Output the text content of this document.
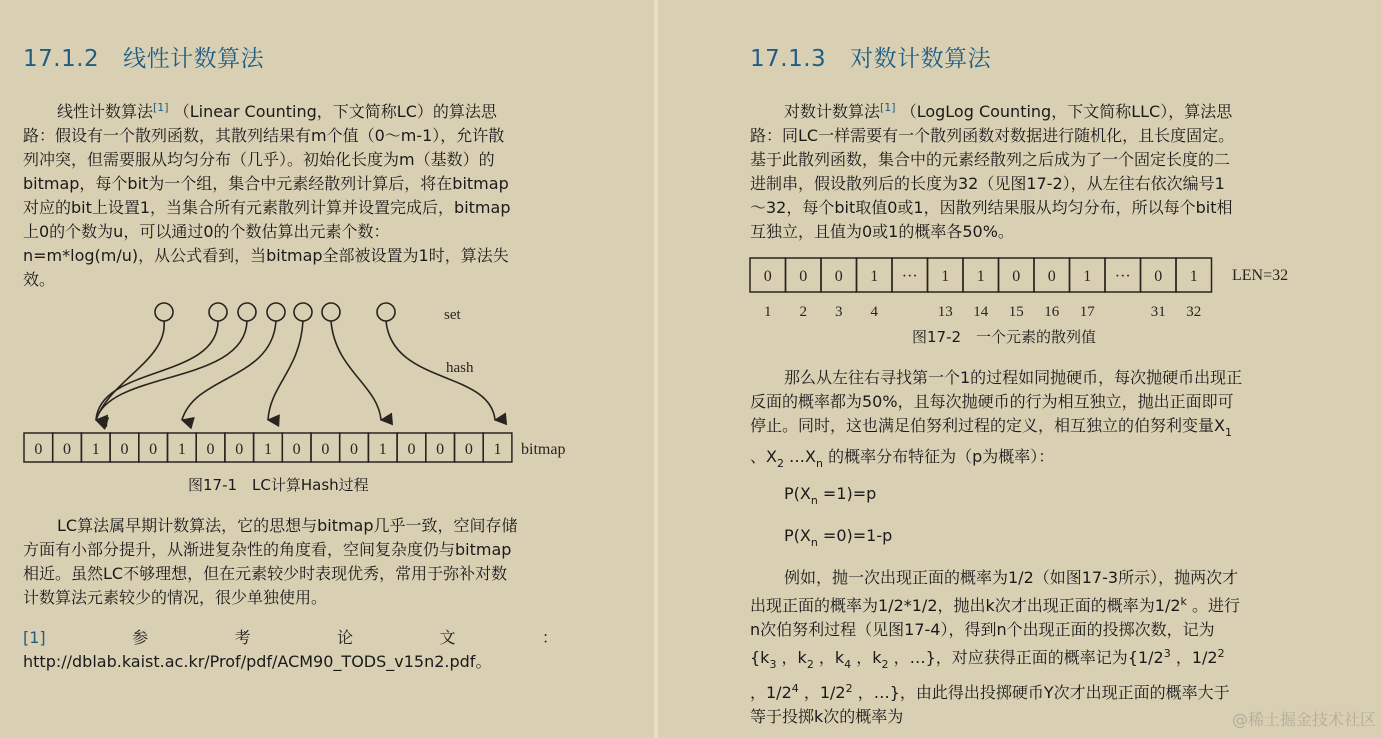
17.1.2 线性计数算法
线性计数算法[1] （Linear Counting，下文简称LC）的算法思
路：假设有一个散列函数，其散列结果有m个值（0～m-1），允许散
列冲突，但需要服从均匀分布（几乎）。初始化长度为m（基数）的
bitmap，每个bit为一个组，集合中元素经散列计算后，将在bitmap
对应的bit上设置1，当集合所有元素散列计算并设置完成后，bitmap
上0的个数为u，可以通过0的个数估算出元素个数：
n=m*log(m/u)，从公式看到，当bitmap全部被设置为1时，算法失
效。
set
hash
0 0 1 0 0 1 0 0 1 0 0 0 1 0 0 0 1 bitmap
图17-1　LC计算Hash过程
LC算法属早期计数算法，它的思想与bitmap几乎一致，空间存储
方面有小部分提升，从渐进复杂性的角度看，空间复杂度仍与bitmap
相近。虽然LC不够理想，但在元素较少时表现优秀，常用于弥补对数
计数算法元素较少的情况，很少单独使用。
[1]	参	考	论	文	：
http://dblab.kaist.ac.kr/Prof/pdf/ACM90_TODS_v15n2.pdf。
17.1.3 对数计数算法
对数计数算法[1] （LogLog Counting，下文简称LLC），算法思
路：同LC一样需要有一个散列函数对数据进行随机化，且长度固定。
基于此散列函数，集合中的元素经散列之后成为了一个固定长度的二
进制串，假设散列后的长度为32（见图17-2），从左往右依次编号1
～32，每个bit取值0或1，因散列结果服从均匀分布，所以每个bit相
互独立，且值为0或1的概率各50%。
0 0 0 1 ··· 1 1 0 0 1 ··· 0 1
1 2 3 4	13 14 15 16 17	31 32
LEN=32
图17-2　一个元素的散列值
那么从左往右寻找第一个1的过程如同抛硬币，每次抛硬币出现正
反面的概率都为50%，且每次抛硬币的行为相互独立，抛出正面即可
停止。同时，这也满足伯努利过程的定义，相互独立的伯努利变量$X_1$
、$X_2$ $\dots X_n$ 的概率分布特征为（p为概率）：
$P(X_n =1)=p$
$P(X_n =0)=1-p$
例如，抛一次出现正面的概率为1/2（如图17-3所示），抛两次才
出现正面的概率为1/2*1/2，抛出k次才出现正面的概率为1/2$^k$ 。进行
n次伯努利过程（见图17-4），得到n个出现正面的投掷次数，记为
{$k_3$ ，$k_2$ ，$k_4$ ，$k_2$ ，…}，对应获得正面的概率记为{$1/2^3$ ，$1/2^2$
，$1/2^4$ ，$1/2^2$ ，…}，由此得出投掷硬币Y次才出现正面的概率大于
等于投掷k次的概率为	@稀土掘金技术社区
